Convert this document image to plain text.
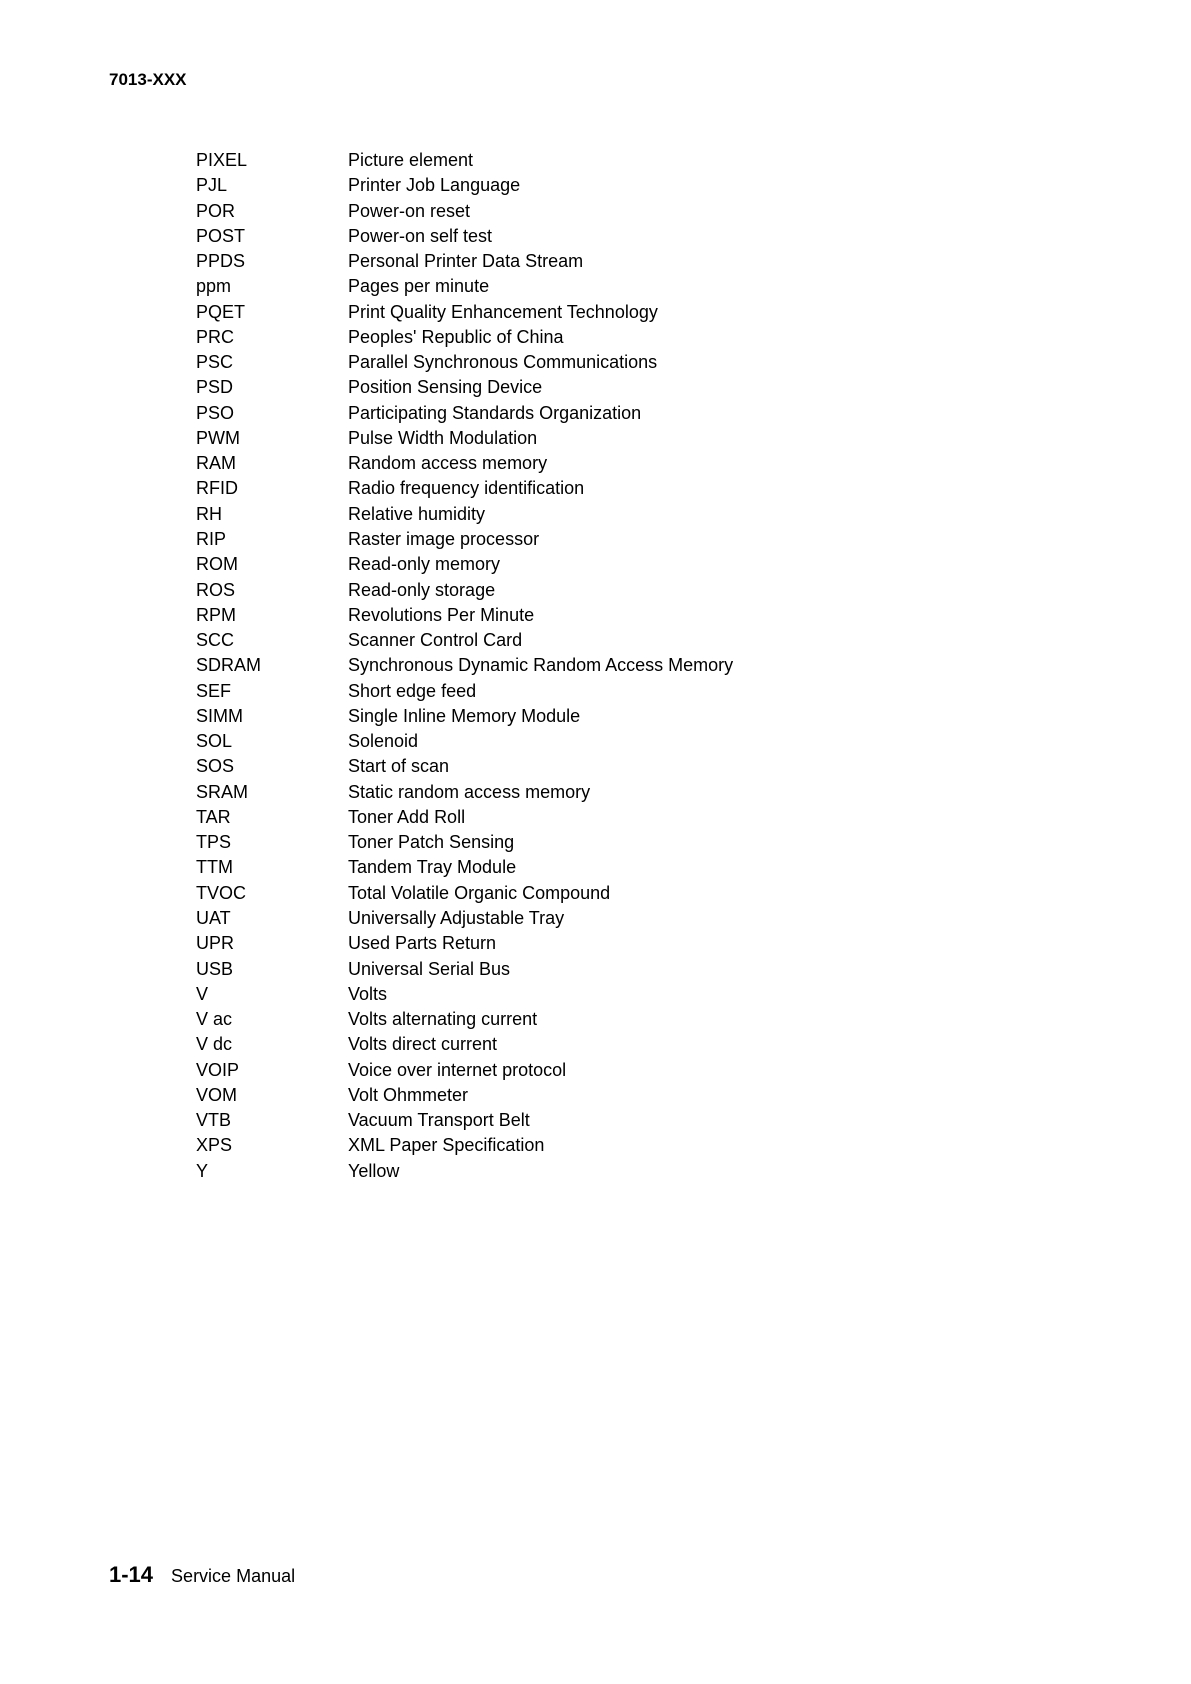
7013-XXX
PIXEL	Picture element
PJL	Printer Job Language
POR	Power-on reset
POST	Power-on self test
PPDS	Personal Printer Data Stream
ppm	Pages per minute
PQET	Print Quality Enhancement Technology
PRC	Peoples' Republic of China
PSC	Parallel Synchronous Communications
PSD	Position Sensing Device
PSO	Participating Standards Organization
PWM	Pulse Width Modulation
RAM	Random access memory
RFID	Radio frequency identification
RH	Relative humidity
RIP	Raster image processor
ROM	Read-only memory
ROS	Read-only storage
RPM	Revolutions Per Minute
SCC	Scanner Control Card
SDRAM	Synchronous Dynamic Random Access Memory
SEF	Short edge feed
SIMM	Single Inline Memory Module
SOL	Solenoid
SOS	Start of scan
SRAM	Static random access memory
TAR	Toner Add Roll
TPS	Toner Patch Sensing
TTM	Tandem Tray Module
TVOC	Total Volatile Organic Compound
UAT	Universally Adjustable Tray
UPR	Used Parts Return
USB	Universal Serial Bus
V	Volts
V ac	Volts alternating current
V dc	Volts direct current
VOIP	Voice over internet protocol
VOM	Volt Ohmmeter
VTB	Vacuum Transport Belt
XPS	XML Paper Specification
Y	Yellow
1-14 Service Manual
